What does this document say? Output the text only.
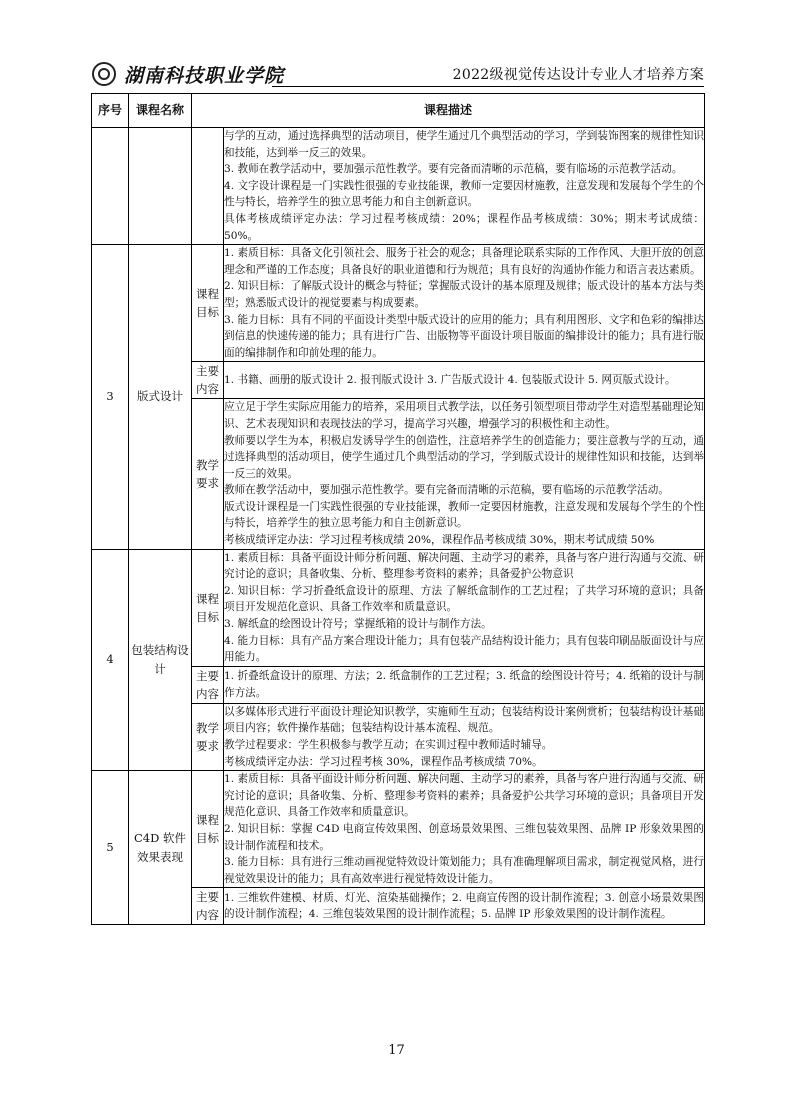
湖南科技职业学院	2022级视觉传达设计专业人才培养方案
序号	课程名称	课程描述	

			与学的互动，通过选择典型的活动项目，使学生通过几个典型活动的学习，学到装饰图案的规律性知识和技能，达到举一反三的效果。
3. 教师在教学活动中，要加强示范性教学。要有完备而清晰的示范稿，要有临场的示范教学活动。
4. 文字设计课程是一门实践性很强的专业技能课，教师一定要因材施教，注意发现和发展每个学生的个性与特长，培养学生的独立思考能力和自主创新意识。
具体考核成绩评定办法：学习过程考核成绩：20%；课程作品考核成绩：30%；期末考试成绩：50%。

3	版式设计	课程目标	1. 素质目标：具备文化引领社会、服务于社会的观念；具备理论联系实际的工作作风、大胆开放的创意理念和严谨的工作态度；具备良好的职业道德和行为规范；具有良好的沟通协作能力和语言表达素质。
2. 知识目标：了解版式设计的概念与特征；掌握版式设计的基本原理及规律；版式设计的基本方法与类型；熟悉版式设计的视觉要素与构成要素。
3. 能力目标：具有不同的平面设计类型中版式设计的应用的能力；具有利用图形、文字和色彩的编排达到信息的快速传递的能力；具有进行广告、出版物等平面设计项目版面的编排设计的能力；具有进行版面的编排制作和印前处理的能力。

		主要内容	1. 书籍、画册的版式设计 2. 报刊版式设计 3. 广告版式设计 4. 包装版式设计 5. 网页版式设计。

		教学要求	应立足于学生实际应用能力的培养，采用项目式教学法，以任务引领型项目带动学生对造型基础理论知识、艺术表现知识和表现技法的学习，提高学习兴趣，增强学习的积极性和主动性。
教师要以学生为本，积极启发诱导学生的创造性，注意培养学生的创造能力；要注意教与学的互动，通过选择典型的活动项目，使学生通过几个典型活动的学习，学到版式设计的规律性知识和技能，达到举一反三的效果。
教师在教学活动中，要加强示范性教学。要有完备而清晰的示范稿，要有临场的示范教学活动。
版式设计课程是一门实践性很强的专业技能课，教师一定要因材施教，注意发现和发展每个学生的个性与特长，培养学生的独立思考能力和自主创新意识。
考核成绩评定办法：学习过程考核成绩 20%，课程作品考核成绩 30%，期末考试成绩 50%

4	包装结构设计	课程目标	1. 素质目标：具备平面设计师分析问题、解决问题、主动学习的素养，具备与客户进行沟通与交流、研究讨论的意识；具备收集、分析、整理参考资料的素养；具备爱护公物意识
2. 知识目标：学习折叠纸盒设计的原理、方法 了解纸盒制作的工艺过程；了共学习环境的意识；具备项目开发规范化意识、具备工作效率和质量意识。
3. 解纸盒的绘图设计符号；掌握纸箱的设计与制作方法。
4. 能力目标：具有产品方案合理设计能力；具有包装产品结构设计能力；具有包装印刷品版面设计与应用能力。

		主要内容	1. 折叠纸盒设计的原理、方法；2. 纸盒制作的工艺过程；3. 纸盒的绘图设计符号；4. 纸箱的设计与制作方法。

		教学要求	以多媒体形式进行平面设计理论知识教学，实施师生互动；包装结构设计案例赏析；包装结构设计基础项目内容；软件操作基础；包装结构设计基本流程、规范。
教学过程要求：学生积极参与教学互动；在实训过程中教师适时辅导。
考核成绩评定办法：学习过程考核 30%，课程作品考核成绩 70%。

5	C4D 软件效果表现	课程目标	1. 素质目标：具备平面设计师分析问题、解决问题、主动学习的素养，具备与客户进行沟通与交流、研究讨论的意识；具备收集、分析、整理参考资料的素养；具备爱护公共学习环境的意识；具备项目开发规范化意识、具备工作效率和质量意识。
2. 知识目标：掌握 C4D 电商宣传效果图、创意场景效果图、三维包装效果图、品牌 IP 形象效果图的设计制作流程和技术。
3. 能力目标：具有进行三维动画视觉特效设计策划能力；具有准确理解项目需求，制定视觉风格，进行视觉效果设计的能力；具有高效率进行视觉特效设计能力。

		主要内容	1. 三维软件建模、材质、灯光、渲染基础操作；2. 电商宣传图的设计制作流程；3. 创意小场景效果图的设计制作流程；4. 三维包装效果图的设计制作流程；5. 品牌 IP 形象效果图的设计制作流程。
17
